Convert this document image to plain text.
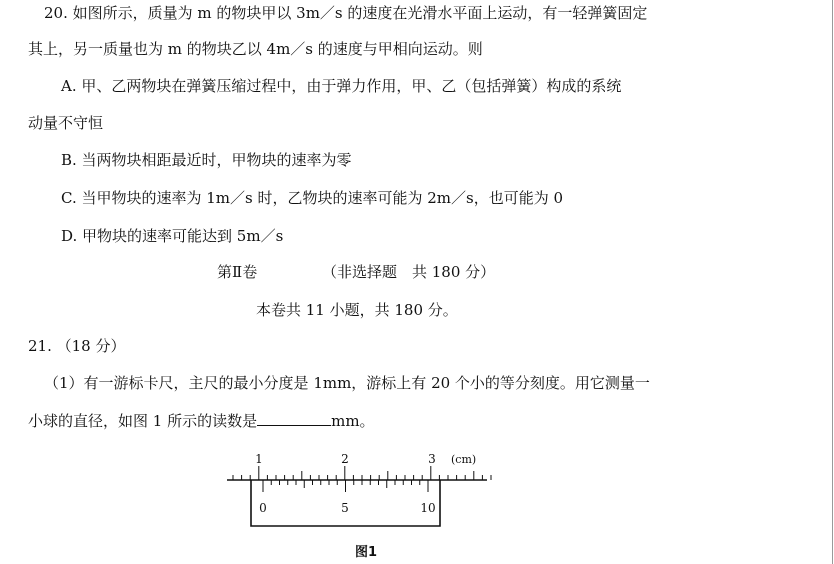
20. 如图所示，质量为 m 的物块甲以 3m／s 的速度在光滑水平面上运动，有一轻弹簧固定
其上，另一质量也为 m 的物块乙以 4m／s 的速度与甲相向运动。则
A. 甲、乙两物块在弹簧压缩过程中，由于弹力作用，甲、乙（包括弹簧）构成的系统
动量不守恒
B. 当两物块相距最近时，甲物块的速率为零
C. 当甲物块的速率为 1m／s 时，乙物块的速率可能为 2m／s，也可能为 0
D. 甲物块的速率可能达到 5m／s
第Ⅱ卷	（非选择题　共 180 分）
本卷共 11 小题，共 180 分。
21. （18 分）
（1）有一游标卡尺，主尺的最小分度是 1mm，游标上有 20 个小的等分刻度。用它测量一
小球的直径，如图 1 所示的读数是	mm。
1	2	3 (cm)
0	5	10
图1
